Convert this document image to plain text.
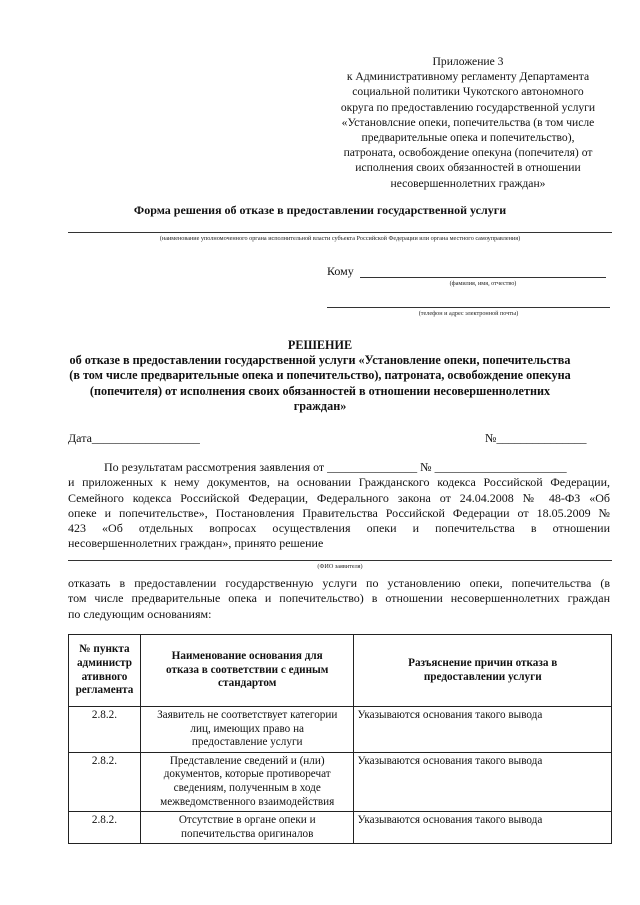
Приложение 3
к Административному регламенту Департамента
социальной политики Чукотского автономного
округа по предоставлению государственной услуги
«Установлсние опеки, попечительства (в том числе
предварительные опека и попечительство),
патроната, освобождение опекуна (попечителя) от
исполнения своих обязанностей в отношении
несовершеннолетних граждан»
Форма решения об отказе в предоставлении государственной услуги
(наименование уполномоченного органа исполнительной власти субъекта Российской Федерации или органа местного самоуправления)
Кому
(фамилия, имя, отчество)
(телефон и адрес электронной почты)
РЕШЕНИЕ
об отказе в предоставлении государственной услуги «Установление опеки, попечительства
(в том числе предварительные опека и попечительство), патроната, освобождение опекуна
(попечителя) от исполнения своих обязанностей в отношении несовершеннолетних
граждан»
Дата__________________	№_______________
По результатам рассмотрения заявления от _______________ № ______________________
и приложенных к нему документов, на основании Гражданского кодекса Российской Федерации,
Семейного кодекса Российской Федерации, Федерального закона от 24.04.2008 № 48-ФЗ «Об
опеке и попечительстве», Постановления Правительства Российской Федерации от 18.05.2009 №
423 «Об отдельных вопросах осуществления опеки и попечительства в отношении
несовершеннолетних граждан», принято решение
(ФИО заявителя)
отказать в предоставлении государственную услуги по установлению опеки, попечительства (в
том числе предварительные опека и попечительство) в отношении несовершеннолетних граждан
по следующим основаниям:
№ пункта администр ативного регламента	Наименование основания для отказа в соответствии с единым стандартом	Разъяснение причин отказа в предоставлении услуги
2.8.2.	Заявитель не соответствует категории лиц, имеющих право на предоставление услуги	Указываются основания такого вывода
2.8.2.	Представление сведений и (нли) документов, которые противоречат сведениям, полученным в ходе межведомственного взаимодействия	Указываются основания такого вывода
2.8.2.	Отсутствие в органе опеки и попечительства оригиналов	Указываются основания такого вывода
